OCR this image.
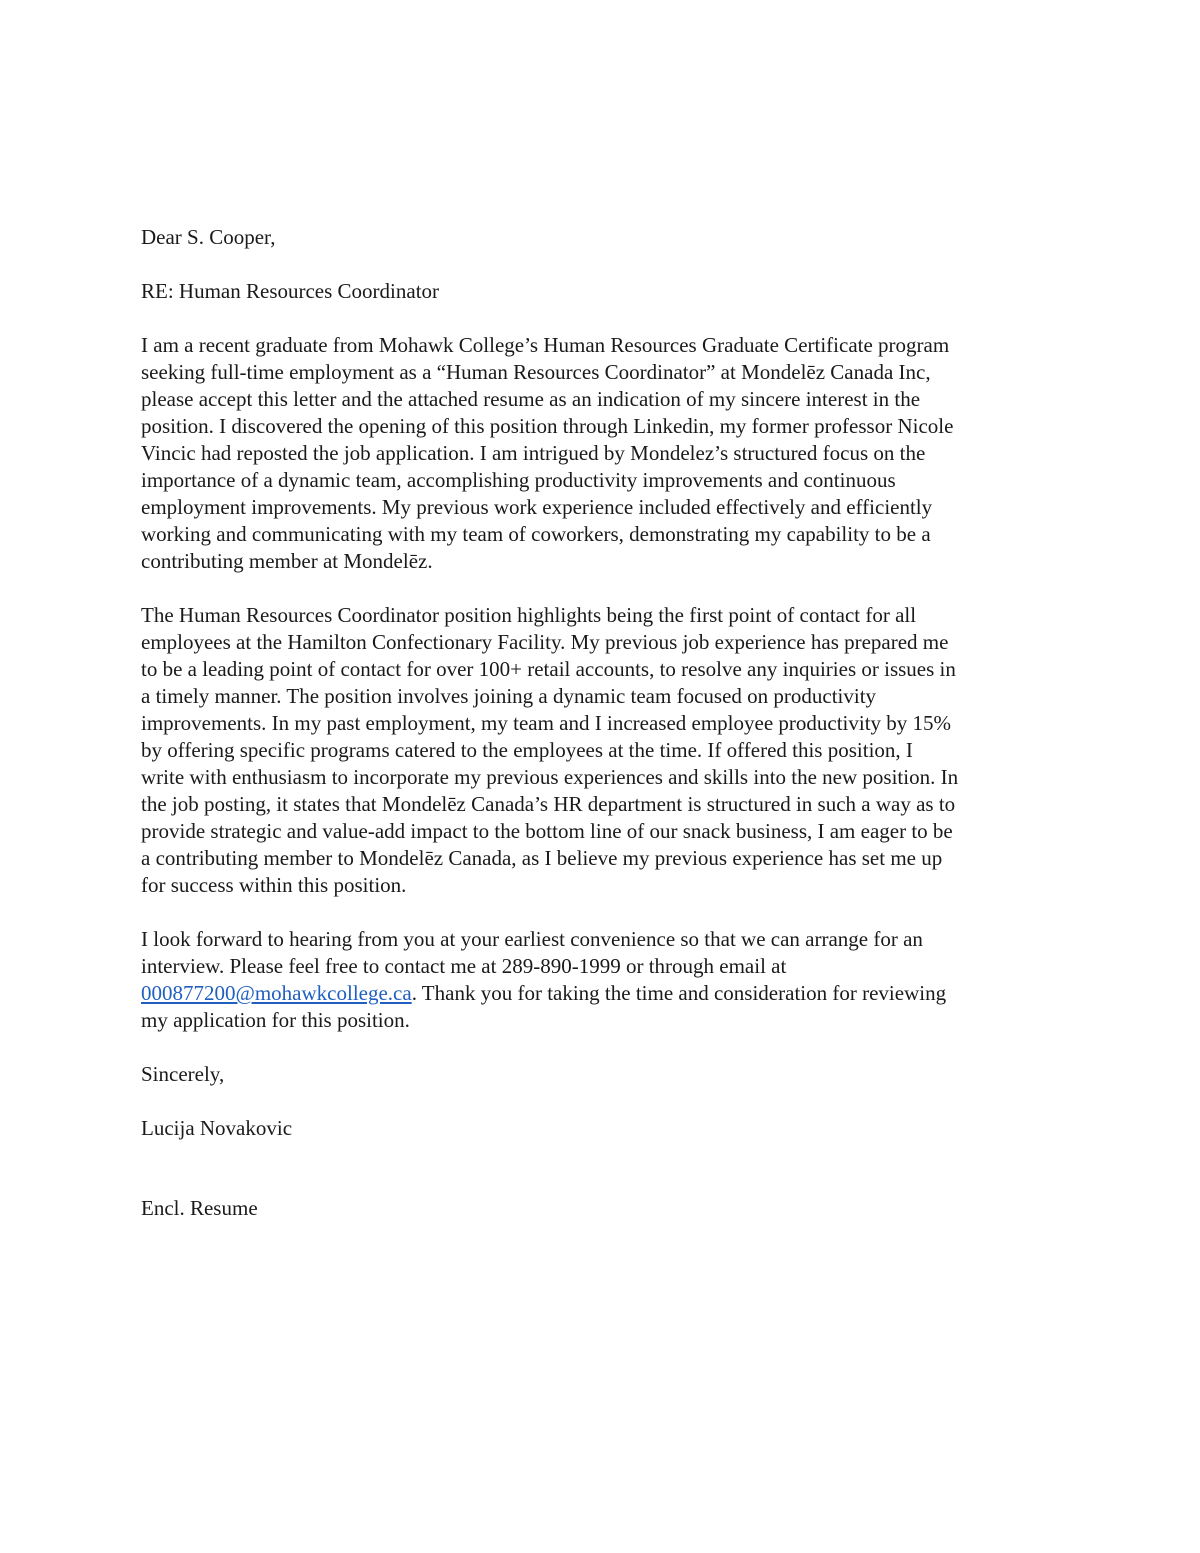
Dear S. Cooper,

RE: Human Resources Coordinator

I am a recent graduate from Mohawk College’s Human Resources Graduate Certificate program
seeking full-time employment as a “Human Resources Coordinator” at Mondelēz Canada Inc,
please accept this letter and the attached resume as an indication of my sincere interest in the
position. I discovered the opening of this position through Linkedin, my former professor Nicole
Vincic had reposted the job application. I am intrigued by Mondelez’s structured focus on the
importance of a dynamic team, accomplishing productivity improvements and continuous
employment improvements. My previous work experience included effectively and efficiently
working and communicating with my team of coworkers, demonstrating my capability to be a
contributing member at Mondelēz.

The Human Resources Coordinator position highlights being the first point of contact for all
employees at the Hamilton Confectionary Facility. My previous job experience has prepared me
to be a leading point of contact for over 100+ retail accounts, to resolve any inquiries or issues in
a timely manner. The position involves joining a dynamic team focused on productivity
improvements. In my past employment, my team and I increased employee productivity by 15%
by offering specific programs catered to the employees at the time. If offered this position, I
write with enthusiasm to incorporate my previous experiences and skills into the new position. In
the job posting, it states that Mondelēz Canada’s HR department is structured in such a way as to
provide strategic and value-add impact to the bottom line of our snack business, I am eager to be
a contributing member to Mondelēz Canada, as I believe my previous experience has set me up
for success within this position.

I look forward to hearing from you at your earliest convenience so that we can arrange for an
interview. Please feel free to contact me at 289-890-1999 or through email at
000877200@mohawkcollege.ca. Thank you for taking the time and consideration for reviewing
my application for this position.

Sincerely,

Lucija Novakovic

Encl. Resume
